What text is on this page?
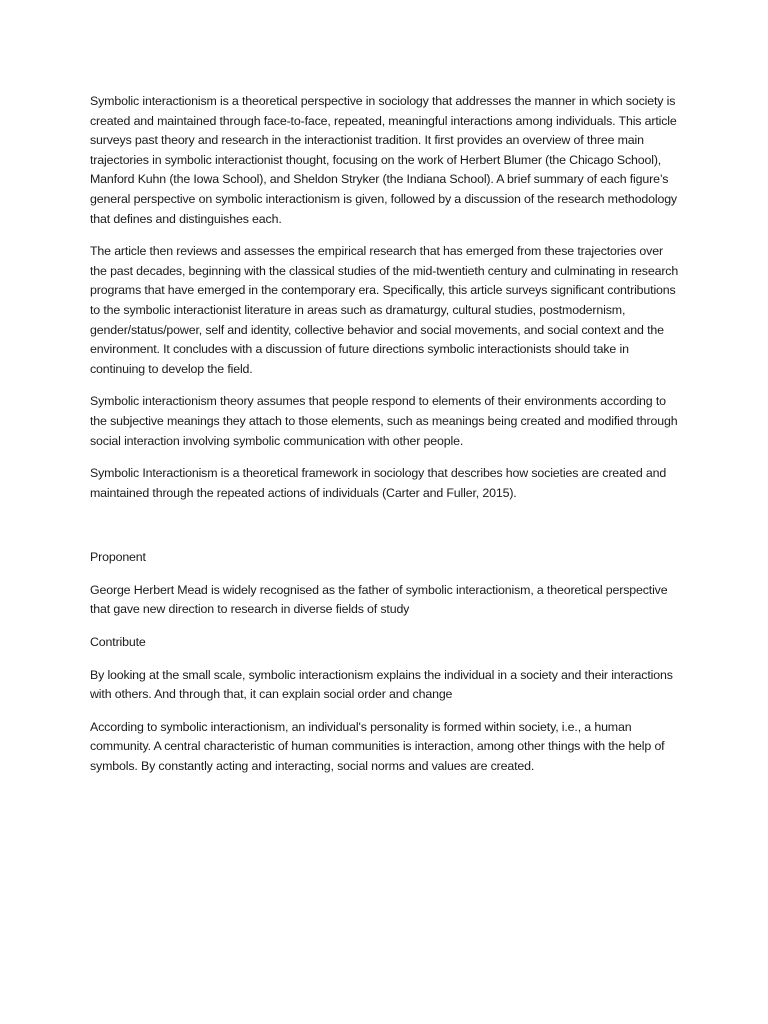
Symbolic interactionism is a theoretical perspective in sociology that addresses the manner in which society is created and maintained through face-to-face, repeated, meaningful interactions among individuals. This article surveys past theory and research in the interactionist tradition. It first provides an overview of three main trajectories in symbolic interactionist thought, focusing on the work of Herbert Blumer (the Chicago School), Manford Kuhn (the Iowa School), and Sheldon Stryker (the Indiana School). A brief summary of each figure’s general perspective on symbolic interactionism is given, followed by a discussion of the research methodology that defines and distinguishes each.

The article then reviews and assesses the empirical research that has emerged from these trajectories over the past decades, beginning with the classical studies of the mid-twentieth century and culminating in research programs that have emerged in the contemporary era. Specifically, this article surveys significant contributions to the symbolic interactionist literature in areas such as dramaturgy, cultural studies, postmodernism, gender/status/power, self and identity, collective behavior and social movements, and social context and the environment. It concludes with a discussion of future directions symbolic interactionists should take in continuing to develop the field.

Symbolic interactionism theory assumes that people respond to elements of their environments according to the subjective meanings they attach to those elements, such as meanings being created and modified through social interaction involving symbolic communication with other people.

Symbolic Interactionism is a theoretical framework in sociology that describes how societies are created and maintained through the repeated actions of individuals (Carter and Fuller, 2015).

Proponent

George Herbert Mead is widely recognised as the father of symbolic interactionism, a theoretical perspective that gave new direction to research in diverse fields of study

Contribute

By looking at the small scale, symbolic interactionism explains the individual in a society and their interactions with others. And through that, it can explain social order and change

According to symbolic interactionism, an individual's personality is formed within society, i.e., a human community. A central characteristic of human communities is interaction, among other things with the help of symbols. By constantly acting and interacting, social norms and values are created.
